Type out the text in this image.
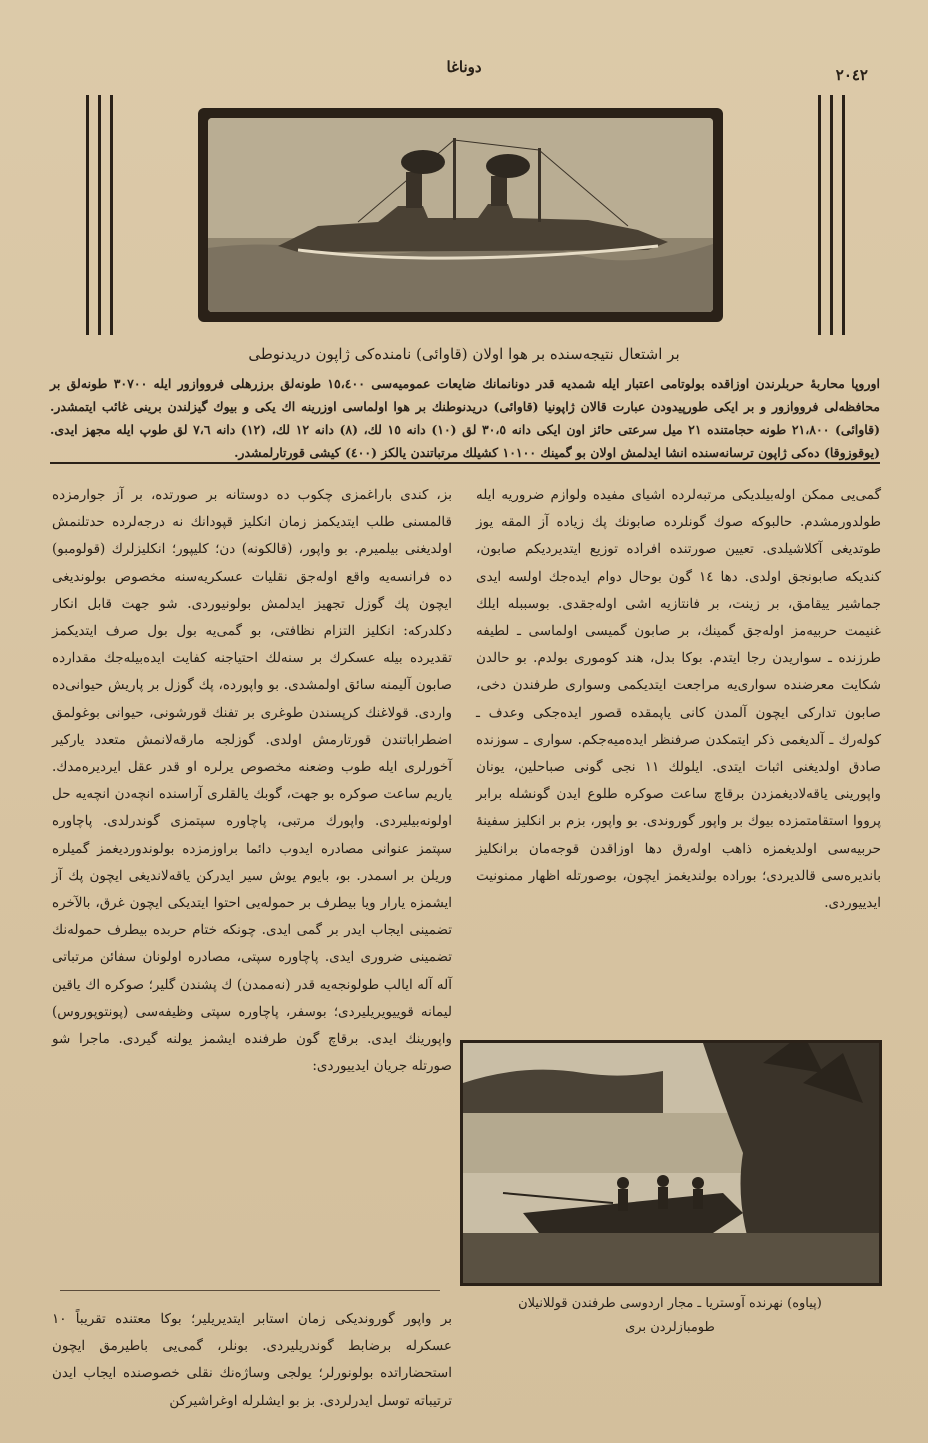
دوناغا	۲۰٤۲
بر اشتعال نتیجه‌سنده بر هوا اولان (قاوائی) نامنده‌کی ژاپون دریدنوطی
اوروپا محاربۀ حربلرندن اوزاقده بولوتامی اعتبار ایله شمدیه قدر دونانمانك ضایعات عمومیه‌سی ۱٥،٤۰۰ طونه‌لق برزرهلی فرووازور ایله ۳۰۷۰۰ طونه‌لق بر محافظه‌لی فرووازور و بر ایکی طورپیدودن عبارت قالان ژاپونیا (قاوائی) دریدنوطنك بر هوا اولماسی اوزرینه اك یکی و بیوك گیزلندن برینی غائب ایتمشدر. (قاوائی) ۲۱،۸۰۰ طونه حجامتنده ۲۱ میل سرعتی حائز اون ایکی دانه ۳۰،٥ لق (۱۰) دانه ۱٥ لك، (۸) دانه ۱۲ لك، (۱۲) دانه ۷،٦ لق طوپ ایله مجهز ایدی. (یوقوزوقا) ده‌کی ژاپون ترسانه‌سنده انشا ایدلمش اولان بو گمینك ۱۰۱۰۰ کشیلك مرتباتندن یالکز (٤۰۰) کیشی قورتارلمشدر.

گمی‌یی ممکن اوله‌بیلدیکی مرتبه‌لرده اشیای مفیده ولوازم ضروریه ایله طولدورمشدم. حالبوکه صوك گونلرده صابونك پك زیاده آز المقه یوز طوتدیغی آکلاشیلدی. تعیین صورتنده افراده توزیع ایتدیردیکم صابون، کندیکه صابونجق اولدی. دها ۱٤ گون بوحال دوام ایده‌جك اولسه ایدی جماشیر ییقامق، بر زینت، بر فانتازیه اشی اوله‌جقدی. بوسببله ایلك غنیمت حربیه‌مز اوله‌جق گمینك، بر صابون گمیسی اولماسی ـ لطیفه طرزنده ـ سواریدن رجا ایتدم. بوکا بدل، هند کوموری بولدم. بو حالدن شکایت معرضنده سواری‌یه مراجعت ایتدیکمی وسواری طرفندن دخی، صابون تدارکی ایچون آلمدن کانی یاپمقده قصور ایده‌جکی وعدف ـ کوله‌رك ـ آلدیغمی ذکر ایتمکدن صرفنظر ایده‌میه‌جکم. سواری ـ سوزنده صادق اولدیغنی اثبات ایتدی. ایلولك ۱۱ نجی گونی صباحلین، یونان واپورینی یاقه‌لادیغمزدن برقاچ ساعت صوکره طلوع ایدن گونشله برابر پرووا استقامتمزده بیوك بر واپور گوروندی. بو واپور، بزم بر انکلیز سفینۀ حربیه‌سی اولدیغمزه ذاهب اوله‌رق دها اوزاقدن قوجه‌مان برانکلیز باندیره‌سی قالدیردی؛ بوراده بولندیغمز ایچون، بوصورتله اظهار ممنونیت ایدییوردی.

بز، کندی باراغمزی چکوب ده دوستانه بر صورتده، بر آز جوارمزده قالمسنی طلب ایتدیکمز زمان انکلیز قپودانك نه درجه‌لرده حدتلنمش اولدیغنی بیلمیرم. بو واپور، (قالکونه) دن؛ کلیپور؛ انکلیزلرك (قولومبو) ده فرانسه‌یه واقع اوله‌جق نقلیات عسکریه‌سنه مخصوص بولوندیغی ایچون پك گوزل تجهیز ایدلمش بولونیوردی. شو جهت قابل انکار دکلدرکه: انکلیز التزام نظافتی، بو گمی‌یه بول بول صرف ایتدیکمز تقدیرده بیله عسکرك بر سنه‌لك احتیاجنه کفایت ایده‌بیله‌جك مقدارده صابون آلیمنه سائق اولمشدی. بو واپورده، پك گوزل بر پاریش حیوانی‌ده واردی. قولاغنك کرپسندن طوغری بر تفنك قورشونی، حیوانی بوغولمق اضطراباتندن قورتارمش اولدی. گوزلجه مارقه‌لانمش متعدد یارکیر آخورلری ایله طوب وضعنه مخصوص یرلره او قدر عقل ایردیره‌مدك. یاریم ساعت صوکره بو جهت، گوبك یالقلری آراسنده انچه‌دن انچه‌یه حل اولونه‌بیلیردی. واپورك مرتبی، پاچاوره سپتمزی گوندرلدی. پاچاوره سپتمز عنوانی مصادره ایدوب دائما براوزمزده بولوندوردیغمز گمیلره وریلن بر اسمدر. بو، بایوم یوش سیر ایدرکن یاقه‌لاندیغی ایچون پك آز ایشمزه یارار ویا بیطرف بر حموله‌یی احتوا ایتدیکی ایچون غرق، بالآخره تضمینی ایجاب ایدر بر گمی ایدی. چونکه ختام حربده بیطرف حموله‌نك تضمینی ضروری ایدی. پاچاوره سپتی، مصادره اولونان سفائن مرتباتی آله آله ایالب طولونجه‌یه قدر (نه‌ممدن) ك پشندن گلیر؛ صوکره اك یاقین لیمانه قوییویریلیردی؛ بوسفر، پاچاوره سپتی وظیفه‌سی (پونتوپوروس) واپورینك ایدی. برقاچ گون طرفنده ایشمز یولنه گیردی. ماجرا شو صورتله جریان ایدییوردی:

بر واپور گوروندیکی زمان استابر ایتدیریلیر؛ بوکا معتنده تقریباً ۱۰ عسکرله برضابط گوندریلیردی. بونلر، گمی‌یی باطیرمق ایچون استحضاراتده بولونورلر؛ یولجی وساژه‌نك نقلی خصوصنده ایجاب ایدن ترتیباته توسل ایدرلردی. بز بو ایشلرله اوغراشیرکن

(پیاوه) نهرنده آوستریا ـ مجار اردوسی طرفندن قوللانیلان
طومبازلردن بری
